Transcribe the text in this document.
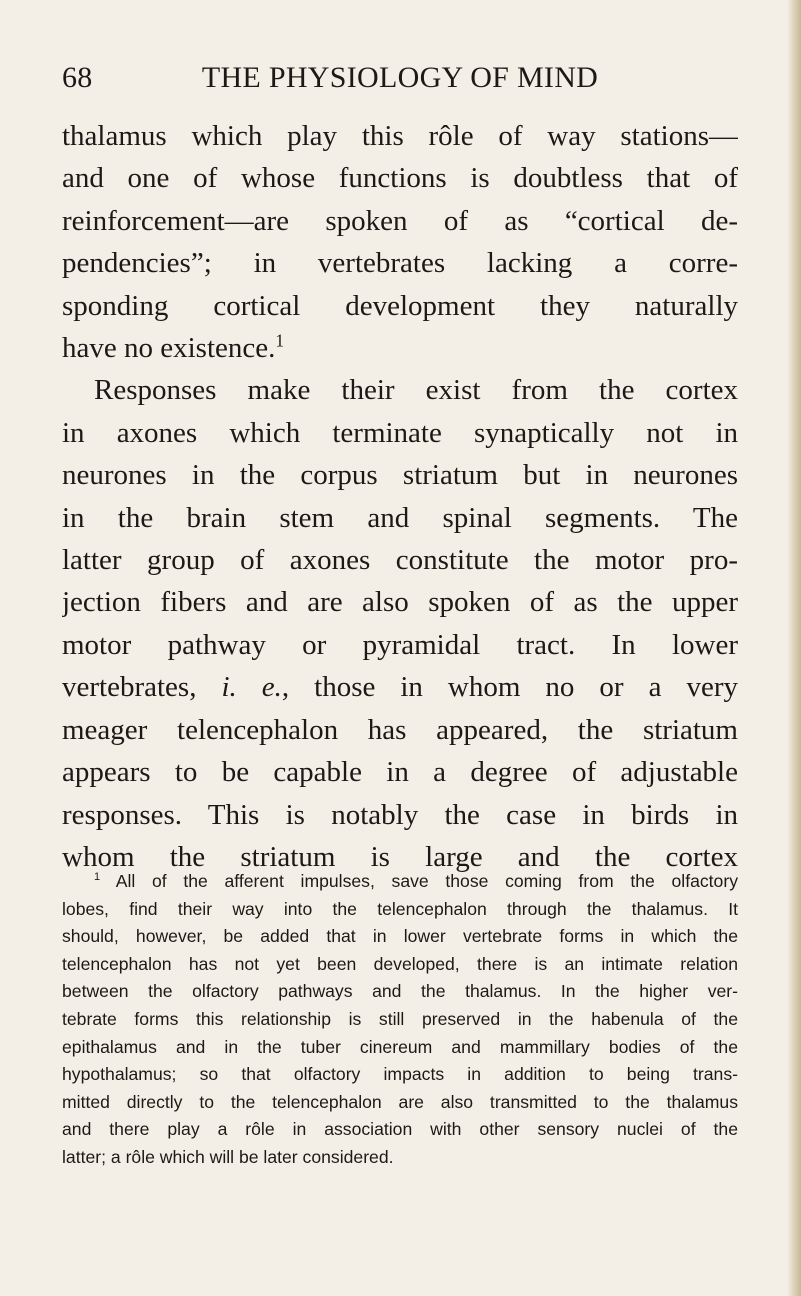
68	THE PHYSIOLOGY OF MIND
thalamus which play this rôle of way stations—
and one of whose functions is doubtless that of
reinforcement—are spoken of as “cortical de-
pendencies”; in vertebrates lacking a corre-
sponding cortical development they naturally
have no existence.$^1$
Responses make their exist from the cortex
in axones which terminate synaptically not in
neurones in the corpus striatum but in neurones
in the brain stem and spinal segments. The
latter group of axones constitute the motor pro-
jection fibers and are also spoken of as the upper
motor pathway or pyramidal tract. In lower
vertebrates, i. e., those in whom no or a very
meager telencephalon has appeared, the striatum
appears to be capable in a degree of adjustable
responses. This is notably the case in birds in
whom the striatum is large and the cortex
$^1$ All of the afferent impulses, save those coming from the olfactory
lobes, find their way into the telencephalon through the thalamus. It
should, however, be added that in lower vertebrate forms in which the
telencephalon has not yet been developed, there is an intimate relation
between the olfactory pathways and the thalamus. In the higher ver-
tebrate forms this relationship is still preserved in the habenula of the
epithalamus and in the tuber cinereum and mammillary bodies of the
hypothalamus; so that olfactory impacts in addition to being trans-
mitted directly to the telencephalon are also transmitted to the thalamus
and there play a rôle in association with other sensory nuclei of the
latter; a rôle which will be later considered.
